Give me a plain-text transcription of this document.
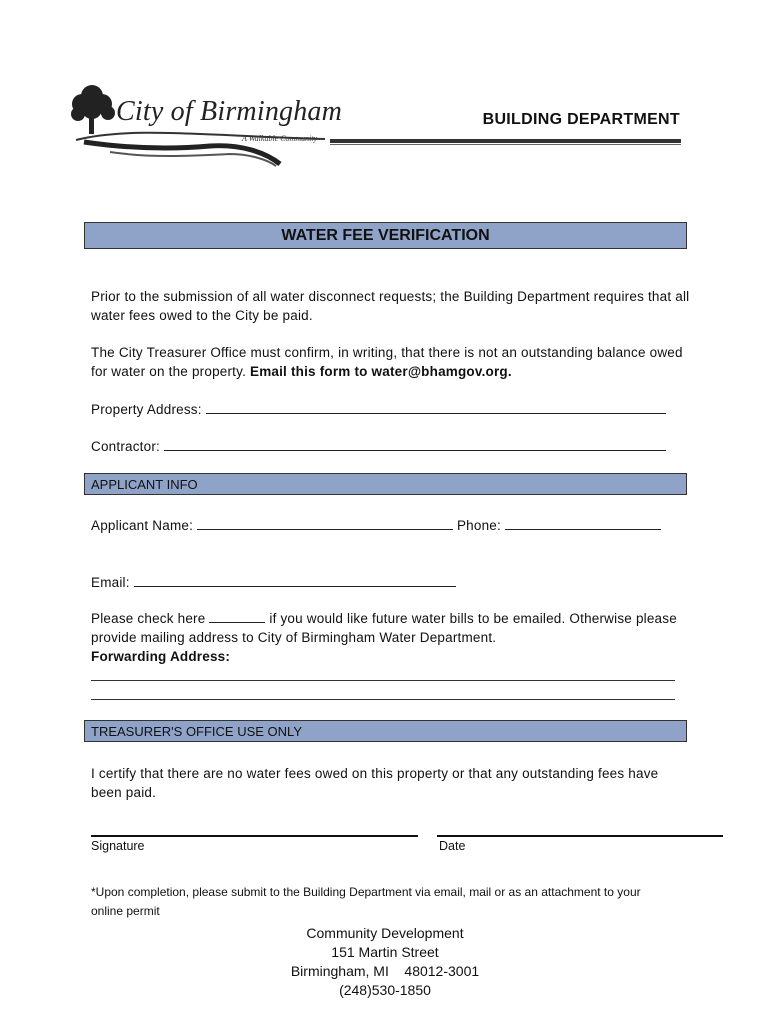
City of Birmingham
A Walkable Community
BUILDING DEPARTMENT
WATER FEE VERIFICATION
Prior to the submission of all water disconnect requests; the Building Department requires that all water fees owed to the City be paid.
The City Treasurer Office must confirm, in writing, that there is not an outstanding balance owed for water on the property. Email this form to water@bhamgov.org.
Property Address:
Contractor:
APPLICANT INFO
Applicant Name:	Phone:
Email:
Please check here	if you would like future water bills to be emailed. Otherwise please provide mailing address to City of Birmingham Water Department.
Forwarding Address:
TREASURER'S OFFICE USE ONLY
I certify that there are no water fees owed on this property or that any outstanding fees have been paid.
Signature	Date
*Upon completion, please submit to the Building Department via email, mail or as an attachment to your online permit
Community Development
151 Martin Street
Birmingham, MI    48012-3001
(248)530-1850
